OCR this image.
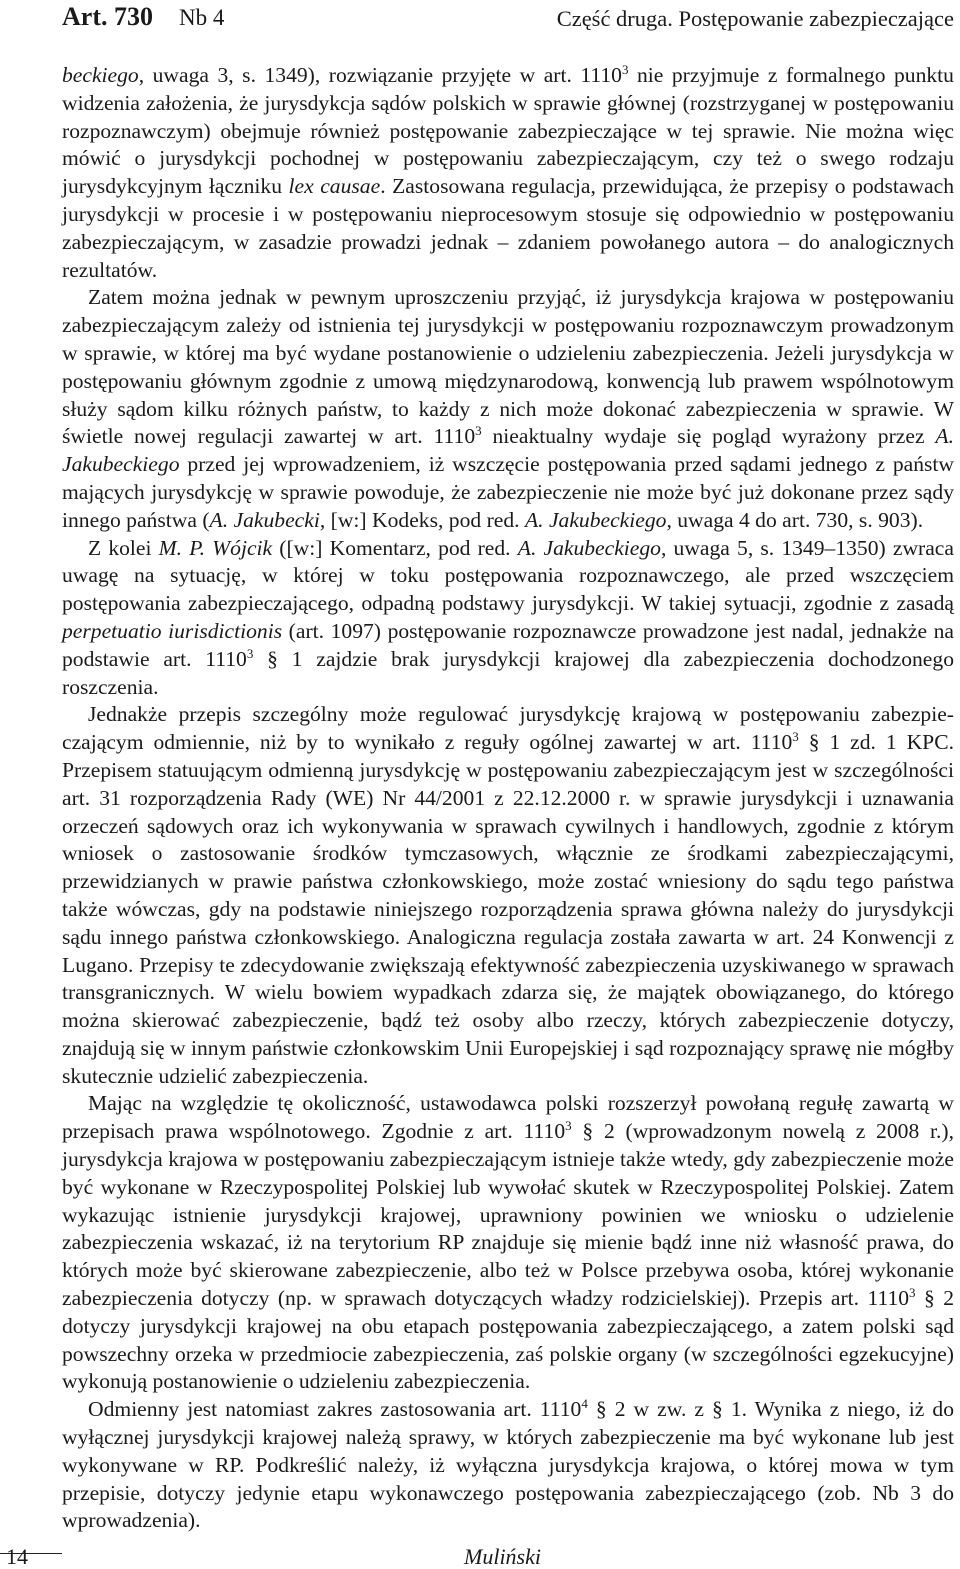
Art. 730 Nb 4	Część druga. Postępowanie zabezpieczające

beckiego, uwaga 3, s. 1349), rozwiązanie przyjęte w art. 1110$^3$ nie przyjmuje z formalnego punktu widzenia założenia, że jurysdykcja sądów polskich w sprawie głównej (rozstrzyganej w postępowaniu rozpoznawczym) obejmuje również postępowanie zabezpieczające w tej sprawie. Nie można więc mówić o jurysdykcji pochodnej w postępowaniu zabezpieczającym, czy też o swego rodzaju jurysdykcyjnym łączniku lex causae. Zastosowana regulacja, przewidująca, że przepisy o podstawach jurysdykcji w procesie i w postępowaniu nieprocesowym stosuje się odpowiednio w postępowaniu zabezpieczającym, w zasadzie prowadzi jednak – zdaniem powołanego autora – do analogicznych rezultatów.

Zatem można jednak w pewnym uproszczeniu przyjąć, iż jurysdykcja krajowa w postępowaniu zabezpieczającym zależy od istnienia tej jurysdykcji w postępowaniu rozpoznawczym prowadzonym w sprawie, w której ma być wydane postanowienie o udzieleniu zabezpieczenia. Jeżeli jurysdykcja w postępowaniu głównym zgodnie z umową międzynarodową, konwencją lub prawem wspólnotowym służy sądom kilku różnych państw, to każdy z nich może dokonać zabezpieczenia w sprawie. W świetle nowej regulacji zawartej w art. 1110$^3$ nieaktualny wydaje się pogląd wyrażony przez A. Jakubeckiego przed jej wprowadzeniem, iż wszczęcie postępowania przed sądami jednego z państw mających jurysdykcję w sprawie powoduje, że zabezpieczenie nie może być już dokonane przez sądy innego państwa (A. Jakubecki, [w:] Kodeks, pod red. A. Jakubeckiego, uwaga 4 do art. 730, s. 903).

Z kolei M. P. Wójcik ([w:] Komentarz, pod red. A. Jakubeckiego, uwaga 5, s. 1349–1350) zwraca uwagę na sytuację, w której w toku postępowania rozpoznawczego, ale przed wszczęciem postępowania zabezpieczającego, odpadną podstawy jurysdykcji. W takiej sytuacji, zgodnie z zasadą perpetuatio iurisdictionis (art. 1097) postępowanie rozpoznawcze prowadzone jest nadal, jednakże na podstawie art. 1110$^3$ § 1 zajdzie brak jurysdykcji krajowej dla zabezpieczenia dochodzonego roszczenia.

Jednakże przepis szczególny może regulować jurysdykcję krajową w postępowaniu zabezpieczającym odmiennie, niż by to wynikało z reguły ogólnej zawartej w art. 1110$^3$ § 1 zd. 1 KPC. Przepisem statuującym odmienną jurysdykcję w postępowaniu zabezpieczającym jest w szczególności art. 31 rozporządzenia Rady (WE) Nr 44/2001 z 22.12.2000 r. w sprawie jurysdykcji i uznawania orzeczeń sądowych oraz ich wykonywania w sprawach cywilnych i handlowych, zgodnie z którym wniosek o zastosowanie środków tymczasowych, włącznie ze środkami zabezpieczającymi, przewidzianych w prawie państwa członkowskiego, może zostać wniesiony do sądu tego państwa także wówczas, gdy na podstawie niniejszego rozporządzenia sprawa główna należy do jurysdykcji sądu innego państwa członkowskiego. Analogiczna regulacja została zawarta w art. 24 Konwencji z Lugano. Przepisy te zdecydowanie zwiększają efektywność zabezpieczenia uzyskiwanego w sprawach transgranicznych. W wielu bowiem wypadkach zdarza się, że majątek obowiązanego, do którego można skierować zabezpieczenie, bądź też osoby albo rzeczy, których zabezpieczenie dotyczy, znajdują się w innym państwie członkowskim Unii Europejskiej i sąd rozpoznający sprawę nie mógłby skutecznie udzielić zabezpieczenia.

Mając na względzie tę okoliczność, ustawodawca polski rozszerzył powołaną regułę zawartą w przepisach prawa wspólnotowego. Zgodnie z art. 1110$^3$ § 2 (wprowadzonym nowelą z 2008 r.), jurysdykcja krajowa w postępowaniu zabezpieczającym istnieje także wtedy, gdy zabezpieczenie może być wykonane w Rzeczypospolitej Polskiej lub wywołać skutek w Rzeczypospolitej Polskiej. Zatem wykazując istnienie jurysdykcji krajowej, uprawniony powinien we wniosku o udzielenie zabezpieczenia wskazać, iż na terytorium RP znajduje się mienie bądź inne niż własność prawa, do których może być skierowane zabezpieczenie, albo też w Polsce przebywa osoba, której wykonanie zabezpieczenia dotyczy (np. w sprawach dotyczących władzy rodzicielskiej). Przepis art. 1110$^3$ § 2 dotyczy jurysdykcji krajowej na obu etapach postępowania zabezpieczającego, a zatem polski sąd powszechny orzeka w przedmiocie zabezpieczenia, zaś polskie organy (w szczególności egzekucyjne) wykonują postanowienie o udzieleniu zabezpieczenia.

Odmienny jest natomiast zakres zastosowania art. 1110$^4$ § 2 w zw. z § 1. Wynika z niego, iż do wyłącznej jurysdykcji krajowej należą sprawy, w których zabezpieczenie ma być wykonane lub jest wykonywane w RP. Podkreślić należy, iż wyłączna jurysdykcja krajowa, o której mowa w tym przepisie, dotyczy jedynie etapu wykonawczego postępowania zabezpieczającego (zob. Nb 3 do wprowadzenia).

14	Muliński
